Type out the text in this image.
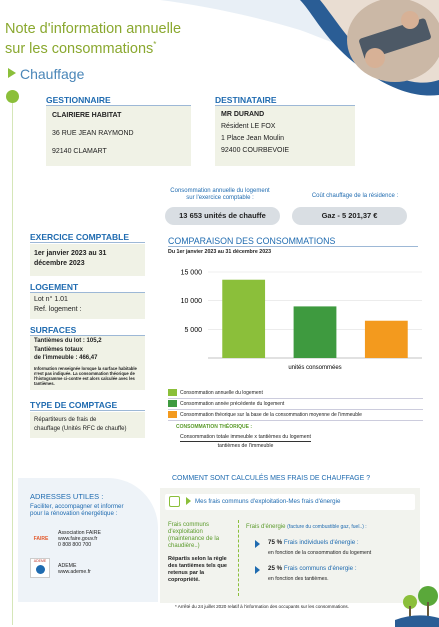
Note d'information annuelle
sur les consommations*
Chauffage
GESTIONNAIRE
CLAIRIERE HABITAT
36 RUE JEAN RAYMOND
92140 CLAMART
DESTINATAIRE
MR DURAND
Résident LE FOX
1 Place Jean Moulin
92400 COURBEVOIE
Consommation annuelle du logement
sur l'exercice comptable :
13 653 unités de chauffe
Coût chauffage de la résidence :
Gaz - 5 201,37 €
EXERCICE COMPTABLE
1er janvier 2023 au 31
décembre 2023
LOGEMENT
Lot n° 1.01
Ref. logement :
SURFACES
Tantièmes du lot : 105,2
Tantièmes totaux
de l'immeuble : 466,47
Information renseignée lorsque la surface habitable n'est pas indiquée. La consommation théorique de l'histogramme ci-contre est alors calculée avec les tantièmes.
TYPE DE COMPTAGE
Répartiteurs de frais de
chauffage (Unités RFC de chauffe)
COMPARAISON DES CONSOMMATIONS
Du 1er janvier 2023 au 31 décembre 2023
15 000
10 000
5 000
unités consommées
Consommation annuelle du logement
Consommation année précédente du logement
Consommation théorique sur la base de la consommation moyenne de l'immeuble
CONSOMMATION THÉORIQUE :
Consommation totale immeuble x tantièmes du logement
tantièmes de l'immeuble
COMMENT SONT CALCULÉS MES FRAIS DE CHAUFFAGE ?
Mes frais communs d'exploitation-Mes frais d'énergie
Frais communs
d'exploitation
(maintenance de la
chaudière..)
Répartis selon la règle
des tantièmes tels que
retenus par la
copropriété.
Frais d'énergie (facture du combustible gaz, fuel..) :
75 % Frais individuels d'énergie :
en fonction de la consommation du logement
25 % Frais communs d'énergie :
en fonction des tantièmes.
ADRESSES UTILES :
Faciliter, accompagner et informer
pour la rénovation énergétique :
FAIRE
Association FAIRE
www.faire.gouv.fr
0 808 800 700
ADEME
ADEME
www.ademe.fr
* Arrêté du 24 juillet 2020 relatif à l'information des occupants sur les consommations.
